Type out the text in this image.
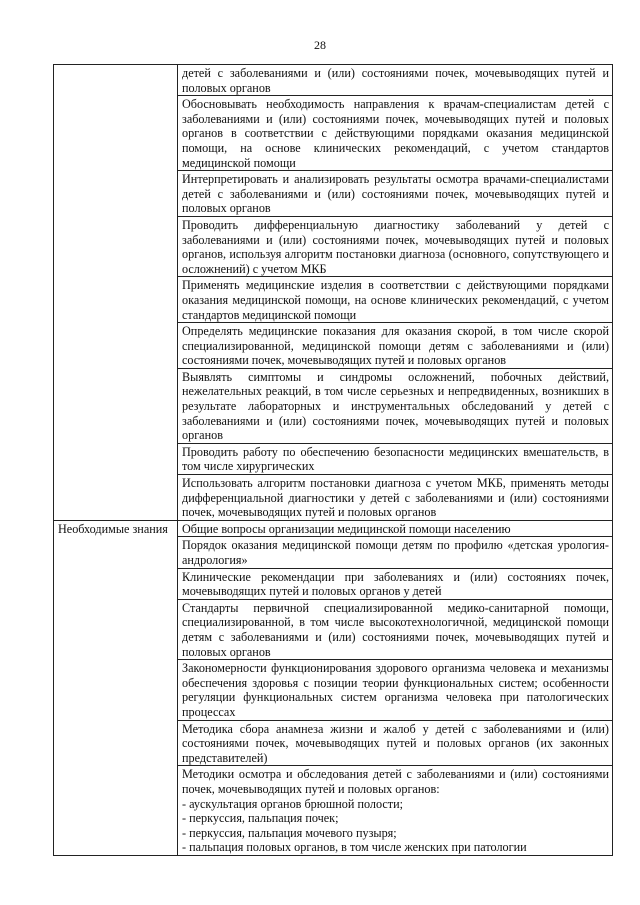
28
	детей с заболеваниями и (или) состояниями почек, мочевыводящих путей и половых органов
	Обосновывать необходимость направления к врачам-специалистам детей с заболеваниями и (или) состояниями почек, мочевыводящих путей и половых органов в соответствии с действующими порядками оказания медицинской помощи, на основе клинических рекомендаций, с учетом стандартов медицинской помощи
	Интерпретировать и анализировать результаты осмотра врачами-специалистами детей с заболеваниями и (или) состояниями почек, мочевыводящих путей и половых органов
	Проводить дифференциальную диагностику заболеваний у детей с заболеваниями и (или) состояниями почек, мочевыводящих путей и половых органов, используя алгоритм постановки диагноза (основного, сопутствующего и осложнений) с учетом МКБ
	Применять медицинские изделия в соответствии с действующими порядками оказания медицинской помощи, на основе клинических рекомендаций, с учетом стандартов медицинской помощи
	Определять медицинские показания для оказания скорой, в том числе скорой специализированной, медицинской помощи детям с заболеваниями и (или) состояниями почек, мочевыводящих путей и половых органов
	Выявлять симптомы и синдромы осложнений, побочных действий, нежелательных реакций, в том числе серьезных и непредвиденных, возникших в результате лабораторных и инструментальных обследований у детей с заболеваниями и (или) состояниями почек, мочевыводящих путей и половых органов
	Проводить работу по обеспечению безопасности медицинских вмешательств, в том числе хирургических
	Использовать алгоритм постановки диагноза с учетом МКБ, применять методы дифференциальной диагностики у детей с заболеваниями и (или) состояниями почек, мочевыводящих путей и половых органов
Необходимые знания	Общие вопросы организации медицинской помощи населению
	Порядок оказания медицинской помощи детям по профилю «детская урология-андрология»
	Клинические рекомендации при заболеваниях и (или) состояниях почек, мочевыводящих путей и половых органов у детей
	Стандарты первичной специализированной медико-санитарной помощи, специализированной, в том числе высокотехнологичной, медицинской помощи детям с заболеваниями и (или) состояниями почек, мочевыводящих путей и половых органов
	Закономерности функционирования здорового организма человека и механизмы обеспечения здоровья с позиции теории функциональных систем; особенности регуляции функциональных систем организма человека при патологических процессах
	Методика сбора анамнеза жизни и жалоб у детей с заболеваниями и (или) состояниями почек, мочевыводящих путей и половых органов (их законных представителей)

	Методики осмотра и обследования детей с заболеваниями и (или) состояниями почек, мочевыводящих путей и половых органов:
- аускультация органов брюшной полости;
- перкуссия, пальпация почек;
- перкуссия, пальпация мочевого пузыря;
- пальпация половых органов, в том числе женских при патологии
